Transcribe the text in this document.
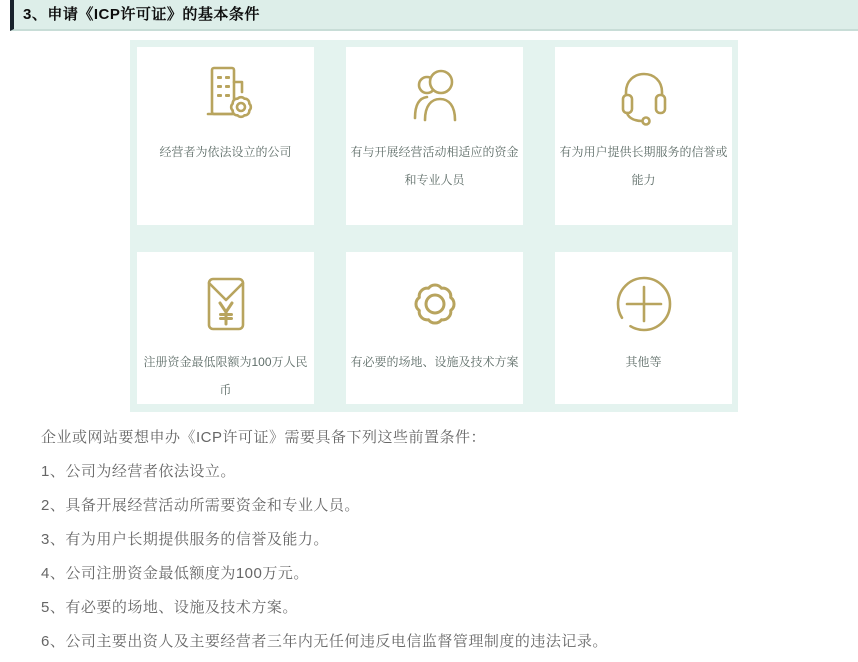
3、申请《ICP许可证》的基本条件
经营者为依法设立的公司	有与开展经营活动相适应的资金和专业人员
有为用户提供长期服务的信誉或能力
注册资金最低限额为100万人民币
有必要的场地、设施及技术方案	其他等

企业或网站要想申办《ICP许可证》需要具备下列这些前置条件：

1、公司为经营者依法设立。

2、具备开展经营活动所需要资金和专业人员。

3、有为用户长期提供服务的信誉及能力。

4、公司注册资金最低额度为100万元。

5、有必要的场地、设施及技术方案。

6、公司主要出资人及主要经营者三年内无任何违反电信监督管理制度的违法记录。
